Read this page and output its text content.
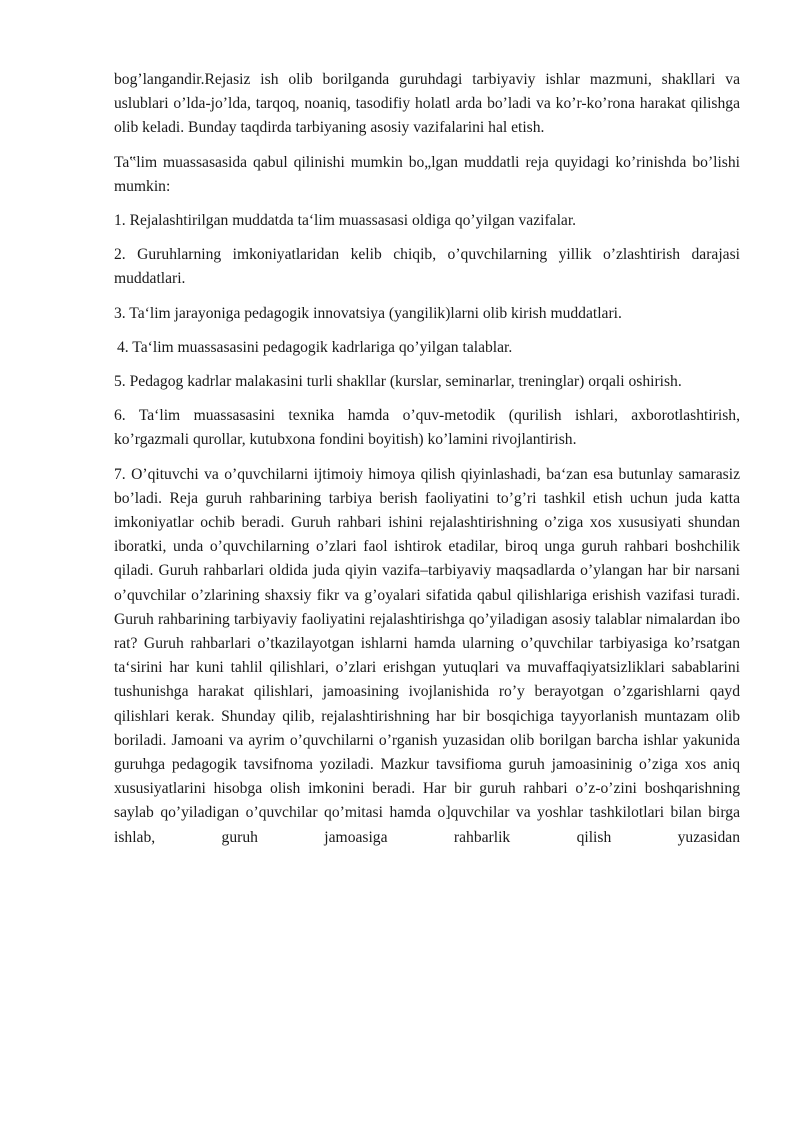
bog’langandir.Rejasiz ish olib borilganda guruhdagi tarbiyaviy ishlar mazmuni, shakllari va uslublari o’lda-jo’lda, tarqoq, noaniq, tasodifiy holatl arda bo’ladi va ko’r-ko’rona harakat qilishga olib keladi. Bunday taqdirda tarbiyaning asosiy vazifalarini hal etish.

Ta‟lim muassasasida qabul qilinishi mumkin bo„lgan muddatli reja quyidagi ko’rinishda bo’lishi mumkin:

1. Rejalashtirilgan muddatda ta‘lim muassasasi oldiga qo’yilgan vazifalar.

2. Guruhlarning imkoniyatlaridan kelib chiqib, o’quvchilarning yillik o’zlashtirish darajasi muddatlari.

3. Ta‘lim jarayoniga pedagogik innovatsiya (yangilik)larni olib kirish muddatlari.

4. Ta‘lim muassasasini pedagogik kadrlariga qo’yilgan talablar.

5. Pedagog kadrlar malakasini turli shakllar (kurslar, seminarlar, treninglar) orqali oshirish.

6. Ta‘lim muassasasini texnika hamda o’quv-metodik (qurilish ishlari, axborotlashtirish, ko’rgazmali qurollar, kutubxona fondini boyitish) ko’lamini rivojlantirish.

7. O’qituvchi va o’quvchilarni ijtimoiy himoya qilish qiyinlashadi, ba‘zan esa butunlay samarasiz bo’ladi. Reja guruh rahbarining tarbiya berish faoliyatini to’g’ri tashkil etish uchun juda katta imkoniyatlar ochib beradi. Guruh rahbari ishini rejalashtirishning o’ziga xos xususiyati shundan iboratki, unda o’quvchilarning o’zlari faol ishtirok etadilar, biroq unga guruh rahbari boshchilik qiladi. Guruh rahbarlari oldida juda qiyin vazifa–tarbiyaviy maqsadlarda o’ylangan har bir narsani o’quvchilar o’zlarining shaxsiy fikr va g’oyalari sifatida qabul qilishlariga erishish vazifasi turadi. Guruh rahbarining tarbiyaviy faoliyatini rejalashtirishga qo’yiladigan asosiy talablar nimalardan ibo rat? Guruh rahbarlari o’tkazilayotgan ishlarni hamda ularning o’quvchilar tarbiyasiga ko’rsatgan ta‘sirini har kuni tahlil qilishlari, o’zlari erishgan yutuqlari va muvaffaqiyatsizliklari sabablarini tushunishga harakat qilishlari, jamoasining ivojlanishida ro’y berayotgan o’zgarishlarni qayd qilishlari kerak. Shunday qilib, rejalashtirishning har bir bosqichiga tayyorlanish muntazam olib boriladi. Jamoani va ayrim o’quvchilarni o’rganish yuzasidan olib borilgan barcha ishlar yakunida guruhga pedagogik tavsifnoma yoziladi. Mazkur tavsifioma guruh jamoasininig o’ziga xos aniq xususiyatlarini hisobga olish imkonini beradi. Har bir guruh rahbari o’z-o’zini boshqarishning saylab qo’yiladigan o’quvchilar qo’mitasi hamda o]quvchilar va yoshlar tashkilotlari bilan birga ishlab, guruh jamoasiga rahbarlik qilish yuzasidan
